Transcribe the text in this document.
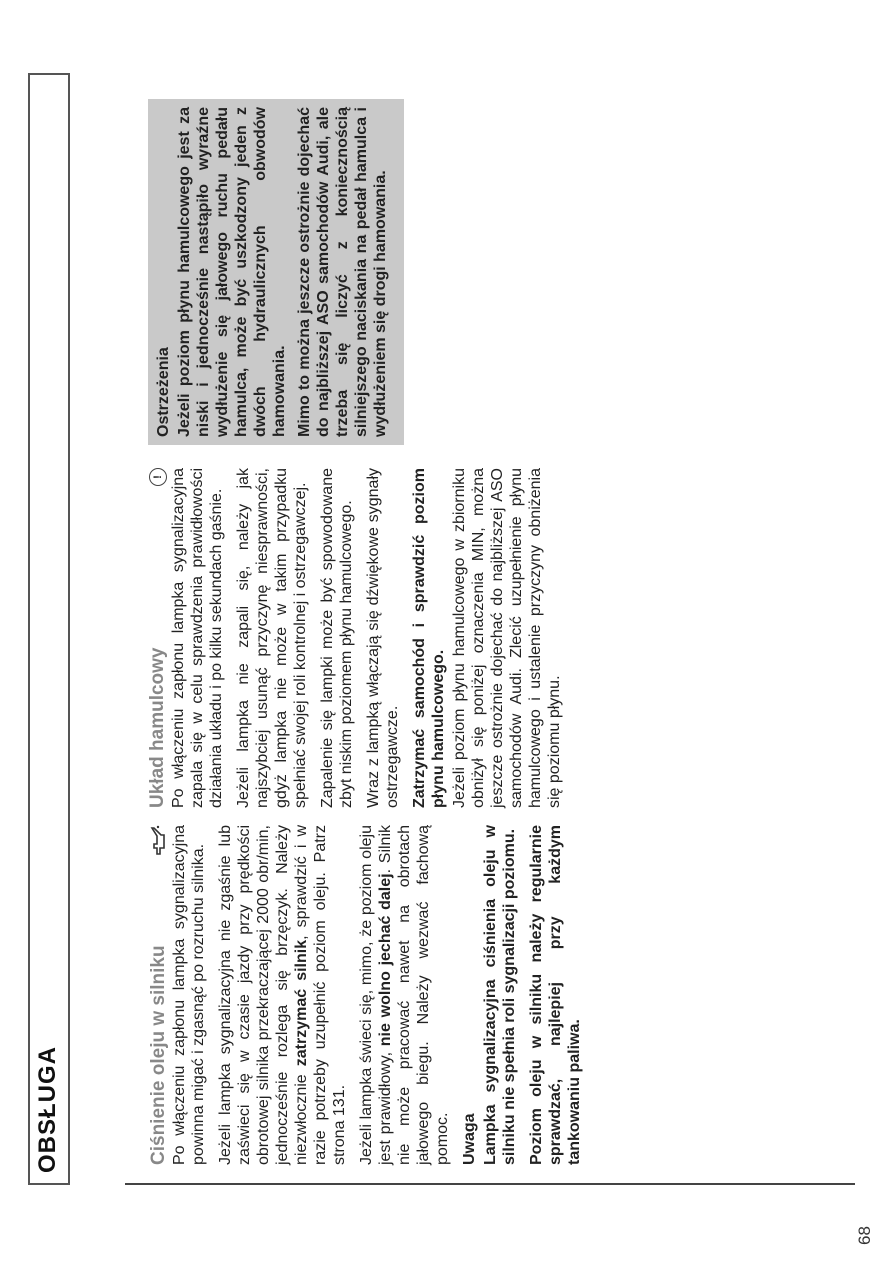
OBSŁUGA	Ciśnienie oleju w silniku Po włączeniu zapłonu lampka sygnalizacyjna powinna migać i zgasnąć po rozruchu silnika. Jeżeli lampka sygnalizacyjna nie zgaśnie lub zaświeci się w czasie jazdy przy prędkości obrotowej silnika przekraczającej 2000 obr/min, jednocześnie rozlega się brzęczyk. Należy niezwłocznie zatrzymać silnik, sprawdzić i w razie potrzeby uzupełnić poziom oleju. Patrz strona 131. Jeżeli lampka świeci się, mimo, że poziom oleju jest prawidłowy, nie wolno jechać dalej. Silnik nie może pracować nawet na obrotach jałowego biegu. Należy wezwać fachową pomoc. Uwaga Lampka sygnalizacyjna ciśnienia oleju w silniku nie spełnia roli sygnalizacji poziomu. Poziom oleju w silniku należy regularnie sprawdzać, najlepiej przy każdym tankowaniu paliwa.

Układ hamulcowy
! Po włączeniu zapłonu lampka sygnalizacyjna zapala się w celu sprawdzenia prawidłowości działania układu i po kilku sekundach gaśnie. Jeżeli lampka nie zapali się, należy jak najszybciej usunąć przyczynę niesprawności, gdyż lampka nie może w takim przypadku spełniać swojej roli kontrolnej i ostrzegawczej. Zapalenie się lampki może być spowodowane zbyt niskim poziomem płynu hamulcowego. Wraz z lampką włączają się dźwiękowe sygnały ostrzegawcze. Zatrzymać samochód i sprawdzić poziom płynu hamulcowego. Jeżeli poziom płynu hamulcowego w zbiorniku obniżył się poniżej oznaczenia MIN, można jeszcze ostrożnie dojechać do najbliższej ASO samochodów Audi. Zlecić uzupełnienie płynu hamulcowego i ustalenie przyczyny obniżenia się poziomu płynu.

Ostrzeżenia Jeżeli poziom płynu hamulcowego jest za niski i jednocześnie nastąpiło wyraźne wydłużenie się jałowego ruchu pedału hamulca, może być uszkodzony jeden z dwóch hydraulicznych obwodów hamowania. Mimo to można jeszcze ostrożnie dojechać do najbliższej ASO samochodów Audi, ale trzeba się liczyć z koniecznością silniejszego naciskania na pedał hamulca i wydłużeniem się drogi hamowania.

68
